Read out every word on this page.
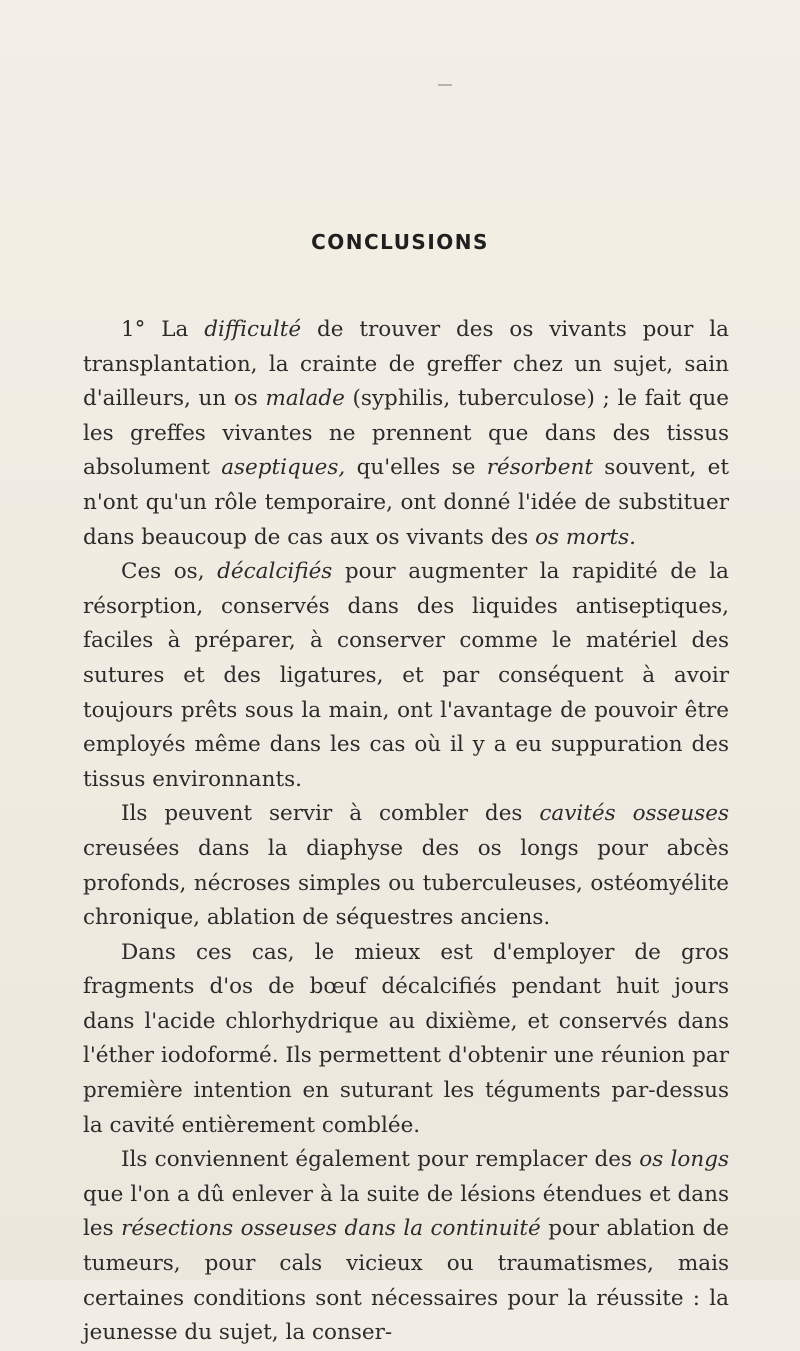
CONCLUSIONS

1° La difficulté de trouver des os vivants pour la transplantation, la crainte de greffer chez un sujet, sain d'ailleurs, un os malade (syphilis, tuberculose) ; le fait que les greffes vivantes ne prennent que dans des tissus absolument aseptiques, qu'elles se résorbent souvent, et n'ont qu'un rôle temporaire, ont donné l'idée de substituer dans beaucoup de cas aux os vivants des os morts.

Ces os, décalcifiés pour augmenter la rapidité de la résorption, conservés dans des liquides antiseptiques, faciles à préparer, à conserver comme le matériel des sutures et des ligatures, et par conséquent à avoir toujours prêts sous la main, ont l'avantage de pouvoir être employés même dans les cas où il y a eu suppuration des tissus environnants.

Ils peuvent servir à combler des cavités osseuses creusées dans la diaphyse des os longs pour abcès profonds, nécroses simples ou tuberculeuses, ostéomyélite chronique, ablation de séquestres anciens.

Dans ces cas, le mieux est d'employer de gros fragments d'os de bœuf décalcifiés pendant huit jours dans l'acide chlorhydrique au dixième, et conservés dans l'éther iodoformé. Ils permettent d'obtenir une réunion par première intention en suturant les téguments par-dessus la cavité entièrement comblée.

Ils conviennent également pour remplacer des os longs que l'on a dû enlever à la suite de lésions étendues et dans les résections osseuses dans la continuité pour ablation de tumeurs, pour cals vicieux ou traumatismes, mais certaines conditions sont nécessaires pour la réussite : la jeunesse du sujet, la conser-
